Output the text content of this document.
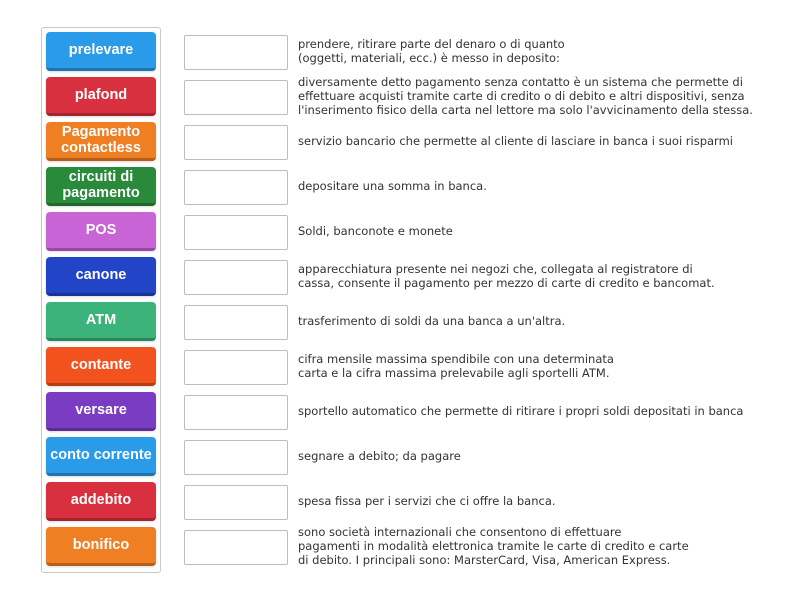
prelevare
plafond
Pagamento contactless
circuiti di pagamento
POS
canone
ATM
contante
versare
conto corrente
addebito
bonifico
prendere, ritirare parte del denaro o di quanto
(oggetti, materiali, ecc.) è messo in deposito:
diversamente detto pagamento senza contatto è un sistema che permette di
effettuare acquisti tramite carte di credito o di debito e altri dispositivi, senza
l'inserimento fisico della carta nel lettore ma solo l'avvicinamento della stessa.
servizio bancario che permette al cliente di lasciare in banca i suoi risparmi
depositare una somma in banca.
Soldi, banconote e monete
apparecchiatura presente nei negozi che, collegata al registratore di
cassa, consente il pagamento per mezzo di carte di credito e bancomat.
trasferimento di soldi da una banca a un'altra.
cifra mensile massima spendibile con una determinata
carta e la cifra massima prelevabile agli sportelli ATM.
sportello automatico che permette di ritirare i propri soldi depositati in banca
segnare a debito; da pagare
spesa fissa per i servizi che ci offre la banca.
sono società internazionali che consentono di effettuare
pagamenti in modalità elettronica tramite le carte di credito e carte
di debito. I principali sono: MarsterCard, Visa, American Express.
